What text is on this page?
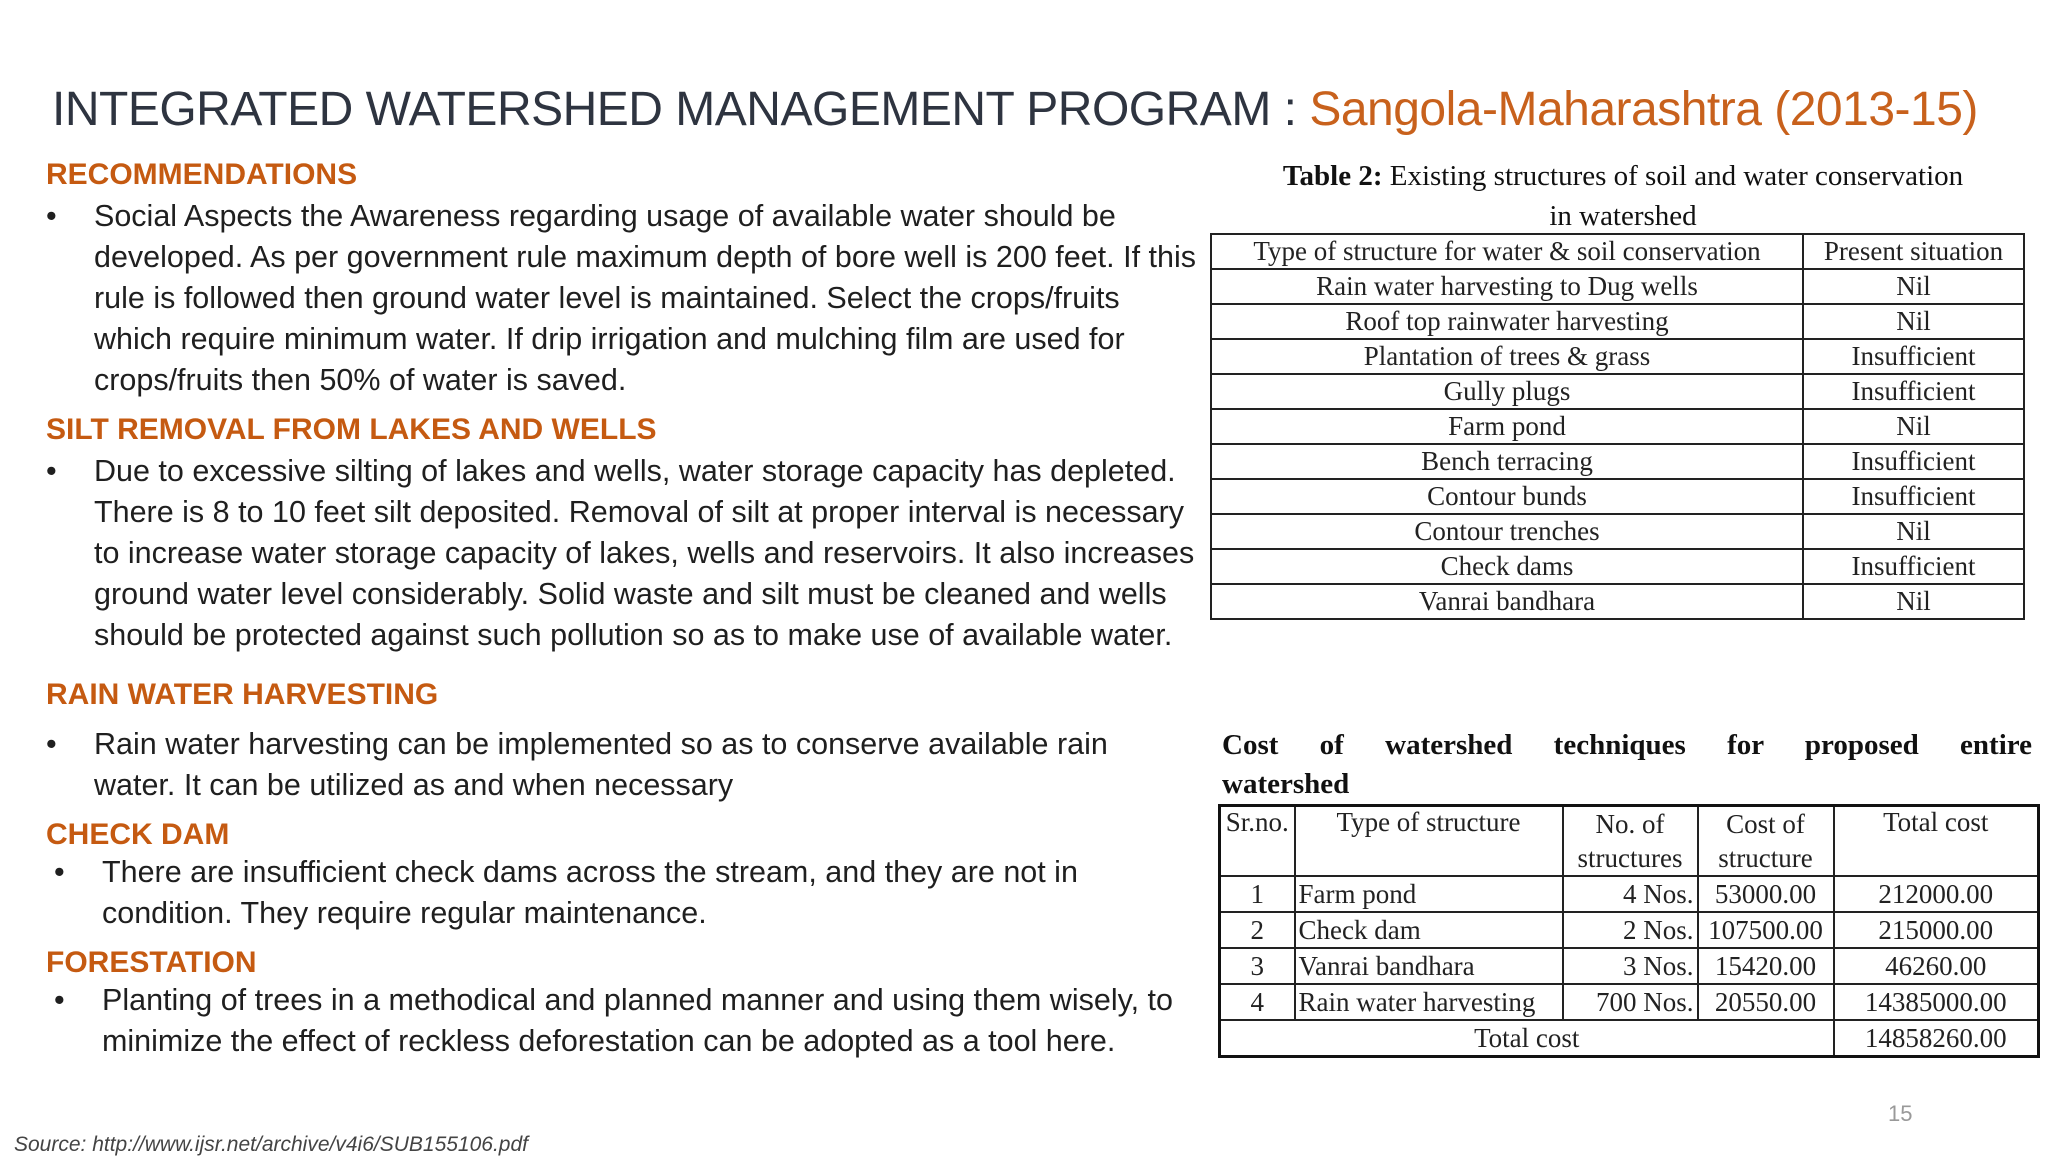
INTEGRATED WATERSHED MANAGEMENT PROGRAM : Sangola-Maharashtra (2013-15)

RECOMMENDATIONS

• Social Aspects the Awareness regarding usage of available water should be developed. As per government rule maximum depth of bore well is 200 feet. If this rule is followed then ground water level is maintained. Select the crops/fruits which require minimum water. If drip irrigation and mulching film are used for crops/fruits then 50% of water is saved.

SILT REMOVAL FROM LAKES AND WELLS

• Due to excessive silting of lakes and wells, water storage capacity has depleted. There is 8 to 10 feet silt deposited. Removal of silt at proper interval is necessary to increase water storage capacity of lakes, wells and reservoirs. It also increases ground water level considerably. Solid waste and silt must be cleaned and wells should be protected against such pollution so as to make use of available water.

RAIN WATER HARVESTING

• Rain water harvesting can be implemented so as to conserve available rain water. It can be utilized as and when necessary

CHECK DAM

• There are insufficient check dams across the stream, and they are not in condition. They require regular maintenance.

FORESTATION

• Planting of trees in a methodical and planned manner and using them wisely, to minimize the effect of reckless deforestation can be adopted as a tool here.

Table 2: Existing structures of soil and water conservation
in watershed
Type of structure for water & soil conservation	Present situation
Rain water harvesting to Dug wells	Nil
Roof top rainwater harvesting	Nil
Plantation of trees & grass	Insufficient
Gully plugs	Insufficient
Farm pond	Nil
Bench terracing	Insufficient
Contour bunds	Insufficient
Contour trenches	Nil
Check dams	Insufficient
Vanrai bandhara	Nil
Cost of watershed techniques for proposed entire
watershed
Sr.no.	Type of structure	No. of structures	Cost of structure	Total cost
1	Farm pond	4 Nos.	53000.00	212000.00
2	Check dam	2 Nos.	107500.00	215000.00
3	Vanrai bandhara	3 Nos.	15420.00	46260.00
4	Rain water harvesting	700 Nos.	20550.00	14385000.00
Total cost				14858260.00
Source: http://www.ijsr.net/archive/v4i6/SUB155106.pdf
15
